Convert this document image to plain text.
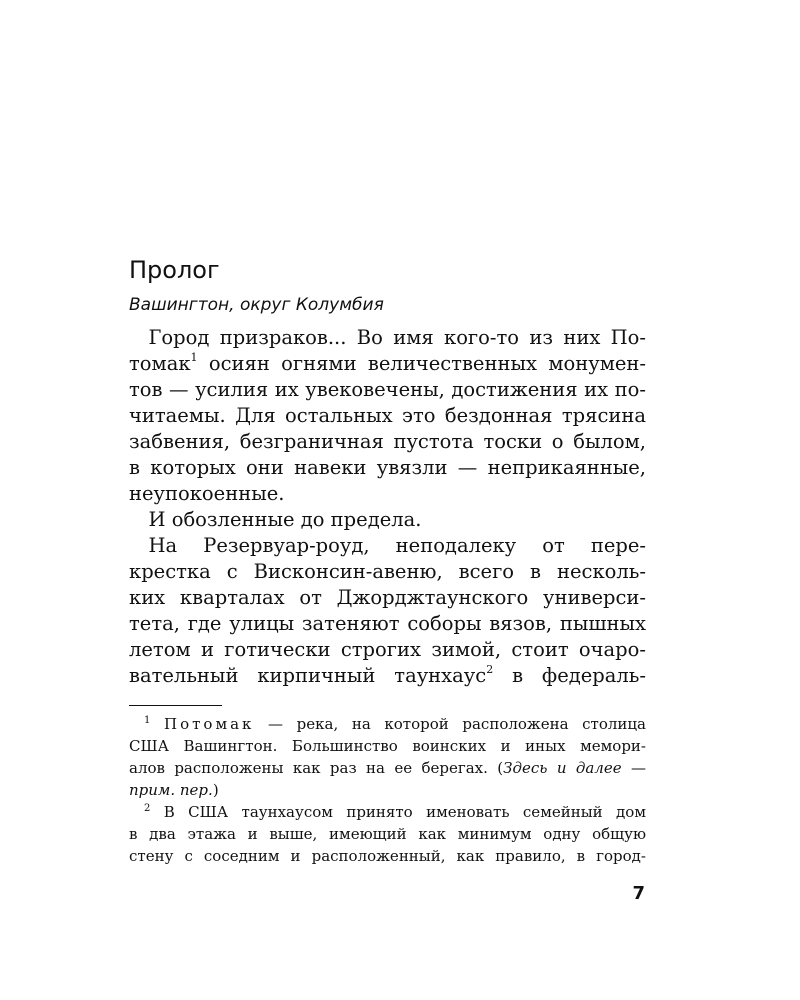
Пролог
Вашингтон, округ Колумбия
  Город призраков... Во имя кого-то из них По-
томак$^1$ осиян огнями величественных монумен-
тов — усилия их увековечены, достижения их по-
читаемы. Для остальных это бездонная трясина
забвения, безграничная пустота тоски о былом,
в которых они навеки увязли — неприкаянные,
неупокоенные.
  И обозленные до предела.
  На Резервуар-роуд, неподалеку от пере-
крестка с Висконсин-авеню, всего в несколь-
ких кварталах от Джорджтаунского универси-
тета, где улицы затеняют соборы вязов, пышных
летом и готически строгих зимой, стоит очаро-
вательный кирпичный таунхаус$^2$ в федераль-
  $^1$ Потомак — река, на которой расположена столица
США Вашингтон. Большинство воинских и иных мемори-
алов расположены как раз на ее берегах. (Здесь и далее —
прим. пер.)
  $^2$ В США таунхаусом принято именовать семейный дом
в два этажа и выше, имеющий как минимум одну общую
стену с соседним и расположенный, как правило, в город-
7
